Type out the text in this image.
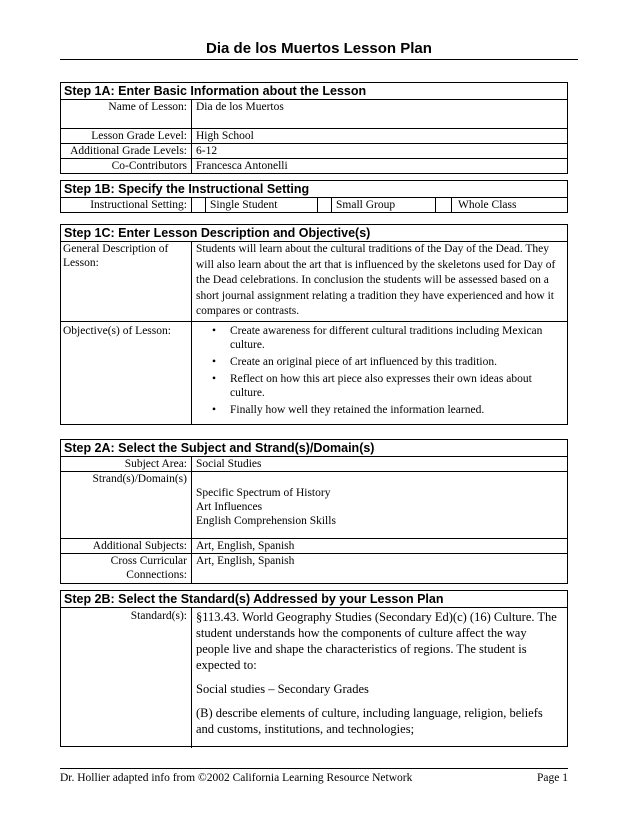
Dia de los Muertos Lesson Plan
Step 1A: Enter Basic Information about the Lesson
Name of Lesson: Dia de los Muertos
Lesson Grade Level: High School
Additional Grade Levels: 6-12
Co-Contributors Francesca Antonelli
Step 1B: Specify the Instructional Setting
Instructional Setting:	Single Student	Small Group	Whole Class
Step 1C: Enter Lesson Description and Objective(s)
General Description of Lesson:
Students will learn about the cultural traditions of the Day of the Dead. They will also learn about the art that is influenced by the skeletons used for Day of the Dead celebrations. In conclusion the students will be assessed based on a short journal assignment relating a tradition they have experienced and how it compares or contrasts.
Objective(s) of Lesson:
•	Create awareness for different cultural traditions including Mexican culture.
• Create an original piece of art influenced by this tradition.
• Reflect on how this art piece also expresses their own ideas about culture.
• Finally how well they retained the information learned.
Step 2A: Select the Subject and Strand(s)/Domain(s)
Subject Area: Social Studies
Strand(s)/Domain(s)
Specific Spectrum of History
Art Influences
English Comprehension Skills
Additional Subjects: Art, English, Spanish
Cross Curricular Connections:
Art, English, Spanish
Step 2B: Select the Standard(s) Addressed by your Lesson Plan
Standard(s): §113.43. World Geography Studies (Secondary Ed)(c) (16) Culture. The student understands how the components of culture affect the way people live and shape the characteristics of regions. The student is expected to:

Social studies – Secondary Grades

(B) describe elements of culture, including language, religion, beliefs and customs, institutions, and technologies;

Dr. Hollier adapted info from ©2002 California Learning Resource Network	Page 1
